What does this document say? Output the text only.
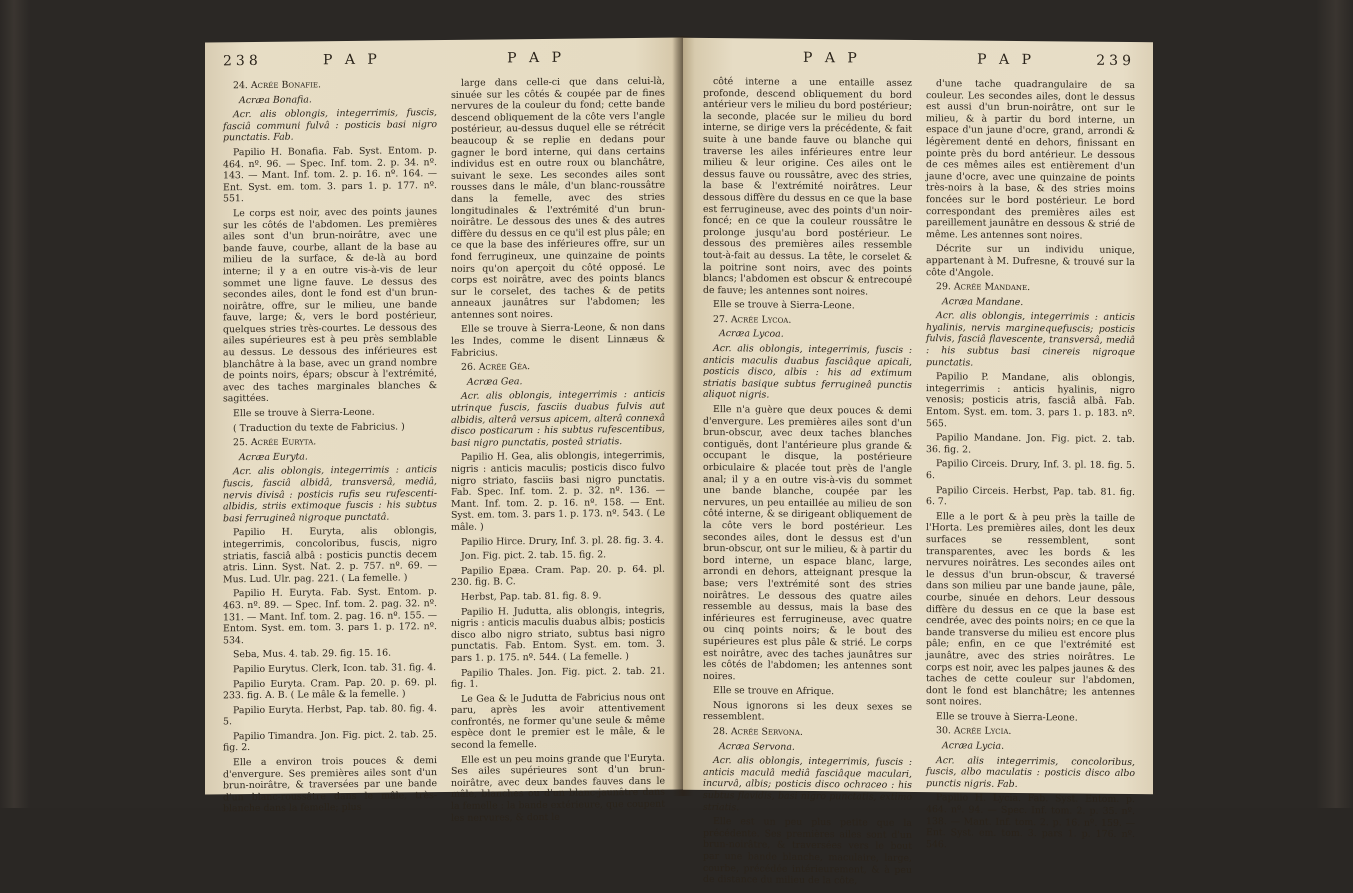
238	P A P	P A P

24. Acrée Bonafie.

Acræa Bonafia.

Acr. alis oblongis, integerrimis, fuscis, fasciâ communi fulvâ : posticis basi nigro punctatis. Fab.

Papilio H. Bonafia. Fab. Syst. Entom. p. 464. nº. 96. — Spec. Inf. tom. 2. p. 34. nº. 143. — Mant. Inf. tom. 2. p. 16. nº. 164. — Ent. Syst. em. tom. 3. pars 1. p. 177. nº. 551.

Le corps est noir, avec des points jaunes sur les côtés de l'abdomen. Les premières ailes sont d'un brun-noirâtre, avec une bande fauve, courbe, allant de la base au milieu de la surface, & de-là au bord interne; il y a en outre vis-à-vis de leur sommet une ligne fauve. Le dessus des secondes ailes, dont le fond est d'un brun-noirâtre, offre, sur le milieu, une bande fauve, large; &, vers le bord postérieur, quelques stries très-courtes. Le dessous des ailes supérieures est à peu près semblable au dessus. Le dessous des inférieures est blanchâtre à la base, avec un grand nombre de points noirs, épars; obscur à l'extrémité, avec des taches marginales blanches & sagittées.

Elle se trouve à Sierra-Leone.

( Traduction du texte de Fabricius. )

25. Acrée Euryta.

Acræa Euryta.

Acr. alis oblongis, integerrimis : anticis fuscis, fasciâ albidâ, transversâ, mediâ, nervis divisâ : posticis rufis seu rufescenti-albidis, striis extimoque fuscis : his subtus basi ferrugineâ nigroque punctatâ.

Papilio H. Euryta, alis oblongis, integerrimis, concoloribus, fuscis, nigro striatis, fasciâ albâ : posticis punctis decem atris. Linn. Syst. Nat. 2. p. 757. nº. 69. — Mus. Lud. Ulr. pag. 221. ( La femelle. )

Papilio H. Euryta. Fab. Syst. Entom. p. 463. nº. 89. — Spec. Inf. tom. 2. pag. 32. nº. 131. — Mant. Inf. tom. 2. pag. 16. nº. 155. — Entom. Syst. em. tom. 3. pars 1. p. 172. nº. 534.

Seba, Mus. 4. tab. 29. fig. 15. 16.

Papilio Eurytus. Clerk, Icon. tab. 31. fig. 4.

Papilio Euryta. Cram. Pap. 20. p. 69. pl. 233. fig. A. B. ( Le mâle & la femelle. )

Papilio Euryta. Herbst, Pap. tab. 80. fig. 4. 5.

Papilio Timandra. Jon. Fig. pict. 2. tab. 25. fig. 2.

Elle a environ trois pouces & demi d'envergure. Ses premières ailes sont d'un brun-noirâtre, & traversées par une bande d'un blanc-roussâtre dans le mâle, très-blanche dans la femelle; plus

large dans celle-ci que dans celui-là, sinuée sur les côtés & coupée par de fines nervures de la couleur du fond; cette bande descend obliquement de la côte vers l'angle postérieur, au-dessus duquel elle se rétrécit beaucoup & se replie en dedans pour gagner le bord interne, qui dans certains individus est en outre roux ou blanchâtre, suivant le sexe. Les secondes ailes sont rousses dans le mâle, d'un blanc-roussâtre dans la femelle, avec des stries longitudinales & l'extrémité d'un brun-noirâtre. Le dessous des unes & des autres diffère du dessus en ce qu'il est plus pâle; en ce que la base des inférieures offre, sur un fond ferrugineux, une quinzaine de points noirs qu'on aperçoit du côté opposé. Le corps est noirâtre, avec des points blancs sur le corselet, des taches & de petits anneaux jaunâtres sur l'abdomen; les antennes sont noires.

Elle se trouve à Sierra-Leone, & non dans les Indes, comme le disent Linnæus & Fabricius.

26. Acrée Géa.

Acræa Gea.

Acr. alis oblongis, integerrimis : anticis utrinque fuscis, fasciis duabus fulvis aut albidis, alterâ versus apicem, alterâ connexâ disco posticarum : his subtus rufescentibus, basi nigro punctatis, posteâ striatis.

Papilio H. Gea, alis oblongis, integerrimis, nigris : anticis maculis; posticis disco fulvo nigro striato, fasciis basi nigro punctatis. Fab. Spec. Inf. tom. 2. p. 32. nº. 136. — Mant. Inf. tom. 2. p. 16. nº. 158. — Ent. Syst. em. tom. 3. pars 1. p. 173. nº. 543. ( Le mâle. )

Papilio Hirce. Drury, Inf. 3. pl. 28. fig. 3. 4.

Jon. Fig. pict. 2. tab. 15. fig. 2.

Papilio Epæa. Cram. Pap. 20. p. 64. pl. 230. fig. B. C.

Herbst, Pap. tab. 81. fig. 8. 9.

Papilio H. Judutta, alis oblongis, integris, nigris : anticis maculis duabus albis; posticis disco albo nigro striato, subtus basi nigro punctatis. Fab. Entom. Syst. em. tom. 3. pars 1. p. 175. nº. 544. ( La femelle. )

Papilio Thales. Jon. Fig. pict. 2. tab. 21. fig. 1.

Le Gea & le Judutta de Fabricius nous ont paru, après les avoir attentivement confrontés, ne former qu'une seule & même espèce dont le premier est le mâle, & le second la femelle.

Elle est un peu moins grande que l'Euryta. Ses ailes supérieures sont d'un brun-noirâtre, avec deux bandes fauves dans le mâle, blanches ou d'un blanc-jaunâtre dans la femelle : la bande extérieure, que coupent les nervures, & dont le

P A P	P A P	239

côté interne a une entaille assez profonde, descend obliquement du bord antérieur vers le milieu du bord postérieur; la seconde, placée sur le milieu du bord interne, se dirige vers la précédente, & fait suite à une bande fauve ou blanche qui traverse les ailes inférieures entre leur milieu & leur origine. Ces ailes ont le dessus fauve ou roussâtre, avec des stries, la base & l'extrémité noirâtres. Leur dessous diffère du dessus en ce que la base est ferrugineuse, avec des points d'un noir-foncé; en ce que la couleur roussâtre le prolonge jusqu'au bord postérieur. Le dessous des premières ailes ressemble tout-à-fait au dessus. La tête, le corselet & la poitrine sont noirs, avec des points blancs; l'abdomen est obscur & entrecoupé de fauve; les antennes sont noires.

Elle se trouve à Sierra-Leone.

27. Acrée Lycoa.

Acræa Lycoa.

Acr. alis oblongis, integerrimis, fuscis : anticis maculis duabus fasciâque apicali, posticis disco, albis : his ad extimum striatis basique subtus ferrugineâ punctis aliquot nigris.

Elle n'a guère que deux pouces & demi d'envergure. Les premières ailes sont d'un brun-obscur, avec deux taches blanches contiguës, dont l'antérieure plus grande & occupant le disque, la postérieure orbiculaire & placée tout près de l'angle anal; il y a en outre vis-à-vis du sommet une bande blanche, coupée par les nervures, un peu entaillée au milieu de son côté interne, & se dirigeant obliquement de la côte vers le bord postérieur. Les secondes ailes, dont le dessus est d'un brun-obscur, ont sur le milieu, & à partir du bord interne, un espace blanc, large, arrondi en dehors, atteignant presque la base; vers l'extrémité sont des stries noirâtres. Le dessous des quatre ailes ressemble au dessus, mais la base des inférieures est ferrugineuse, avec quatre ou cinq points noirs; & le bout des supérieures est plus pâle & strié. Le corps est noirâtre, avec des taches jaunâtres sur les côtés de l'abdomen; les antennes sont noires.

Elle se trouve en Afrique.

Nous ignorons si les deux sexes se ressemblent.

28. Acrée Servona.

Acræa Servona.

Acr. alis oblongis, integerrimis, fuscis : anticis maculâ mediâ fasciâque maculari, incurvâ, albis; posticis disco ochraceo : his subtus flavidis, basi nigro punctatis, extimo striatis.

Elle est un peu plus petite que la précédente. Ses premières ailes sont d'un brun-noirâtre, & traversées vers le bout par une bande blanche, maculaire, large, courbe, précédée intérieurement, & à peu de distance du milieu de la côte,

d'une tache quadrangulaire de sa couleur. Les secondes ailes, dont le dessus est aussi d'un brun-noirâtre, ont sur le milieu, & à partir du bord interne, un espace d'un jaune d'ocre, grand, arrondi & légèrement denté en dehors, finissant en pointe près du bord antérieur. Le dessous de ces mêmes ailes est entièrement d'un jaune d'ocre, avec une quinzaine de points très-noirs à la base, & des stries moins foncées sur le bord postérieur. Le bord correspondant des premières ailes est pareillement jaunâtre en dessous & strié de même. Les antennes sont noires.

Décrite sur un individu unique, appartenant à M. Dufresne, & trouvé sur la côte d'Angole.

29. Acrée Mandane.

Acræa Mandane.

Acr. alis oblongis, integerrimis : anticis hyalinis, nervis marginequefuscis; posticis fulvis, fasciâ flavescente, transversâ, mediâ : his subtus basi cinereis nigroque punctatis.

Papilio P. Mandane, alis oblongis, integerrimis : anticis hyalinis, nigro venosis; posticis atris, fasciâ albâ. Fab. Entom. Syst. em. tom. 3. pars 1. p. 183. nº. 565.

Papilio Mandane. Jon. Fig. pict. 2. tab. 36. fig. 2.

Papilio Circeis. Drury, Inf. 3. pl. 18. fig. 5. 6.

Papilio Circeis. Herbst, Pap. tab. 81. fig. 6. 7.

Elle a le port & à peu près la taille de l'Horta. Les premières ailes, dont les deux surfaces se ressemblent, sont transparentes, avec les bords & les nervures noirâtres. Les secondes ailes ont le dessus d'un brun-obscur, & traversé dans son milieu par une bande jaune, pâle, courbe, sinuée en dehors. Leur dessous diffère du dessus en ce que la base est cendrée, avec des points noirs; en ce que la bande transverse du milieu est encore plus pâle; enfin, en ce que l'extrémité est jaunâtre, avec des stries noirâtres. Le corps est noir, avec les palpes jaunes & des taches de cette couleur sur l'abdomen, dont le fond est blanchâtre; les antennes sont noires.

Elle se trouve à Sierra-Leone.

30. Acrée Lycia.

Acræa Lycia.

Acr. alis integerrimis, concoloribus, fuscis, albo maculatis : posticis disco albo punctis nigris. Fab.

Papilio H. Lycia. Fab. Syst. Entom. p. 464. nº. 94. — Spec. Inf. tom. 2. p. 35. nº. 138. — Mant. Inf. tom. 2. p. 16. nº. 159. — Ent. Syst. em. tom. 3. pars 1. p. 176. nº. 546.
